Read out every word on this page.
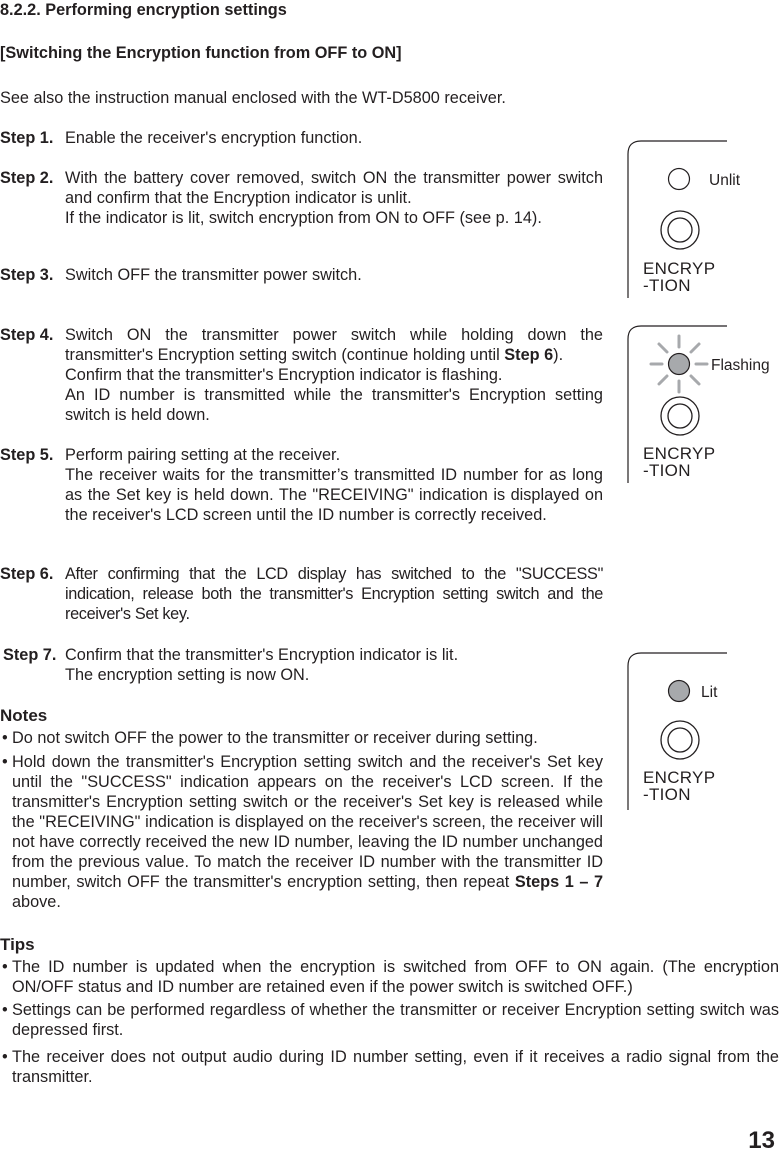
8.2.2. Performing encryption settings
[Switching the Encryption function from OFF to ON]
See also the instruction manual enclosed with the WT-D5800 receiver.
Step 1. Enable the receiver's encryption function.
Step 2. With the battery cover removed, switch ON the transmitter power switch and confirm that the Encryption indicator is unlit.
If the indicator is lit, switch encryption from ON to OFF (see p. 14).
Step 3. Switch OFF the transmitter power switch.
Step 4. Switch ON the transmitter power switch while holding down the transmitter's Encryption setting switch (continue holding until Step 6).
Confirm that the transmitter's Encryption indicator is flashing.
An ID number is transmitted while the transmitter's Encryption setting switch is held down.
Step 5. Perform pairing setting at the receiver.
The receiver waits for the transmitter’s transmitted ID number for as long as the Set key is held down. The "RECEIVING" indication is displayed on the receiver's LCD screen until the ID number is correctly received.
Step 6. After confirming that the LCD display has switched to the "SUCCESS" indication, release both the transmitter's Encryption setting switch and the receiver's Set key.
Step 7. Confirm that the transmitter's Encryption indicator is lit.
The encryption setting is now ON.
Notes
• Do not switch OFF the power to the transmitter or receiver during setting.
• Hold down the transmitter's Encryption setting switch and the receiver's Set key until the "SUCCESS" indication appears on the receiver's LCD screen. If the transmitter's Encryption setting switch or the receiver's Set key is released while the "RECEIVING" indication is displayed on the receiver's screen, the receiver will not have correctly received the new ID number, leaving the ID number unchanged from the previous value. To match the receiver ID number with the transmitter ID number, switch OFF the transmitter's encryption setting, then repeat Steps 1 – 7 above.
Tips
• The ID number is updated when the encryption is switched from OFF to ON again. (The encryption ON/OFF status and ID number are retained even if the power switch is switched OFF.)
• Settings can be performed regardless of whether the transmitter or receiver Encryption setting switch was depressed first.
• The receiver does not output audio during ID number setting, even if it receives a radio signal from the transmitter.
Unlit
ENCRYP
-TION
Flashing
ENCRYP
-TION
Lit
ENCRYP
-TION
13
